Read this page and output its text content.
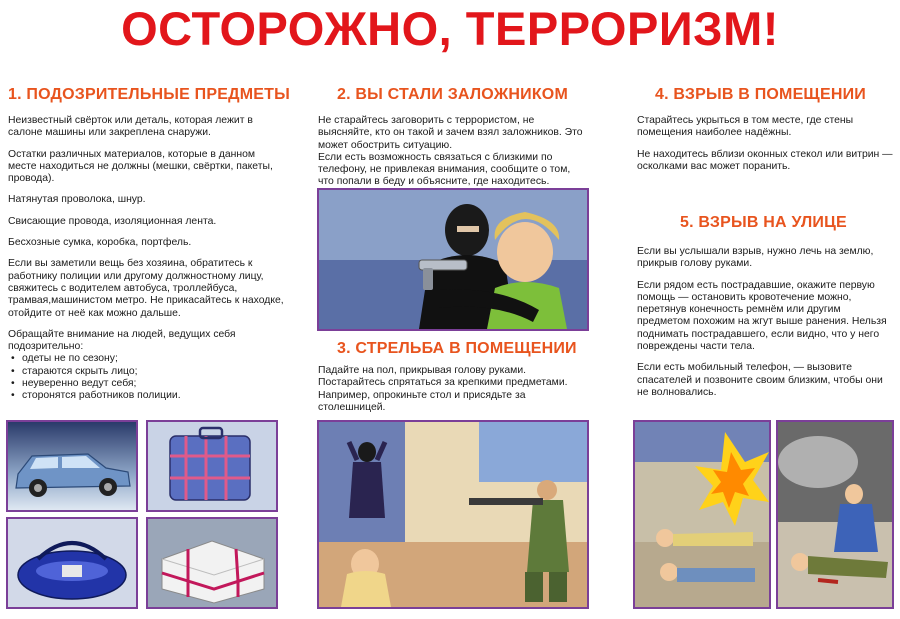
ОСТОРОЖНО, ТЕРРОРИЗМ!
1. ПОДОЗРИТЕЛЬНЫЕ ПРЕДМЕТЫ

Неизвестный свёрток или деталь, которая лежит в салоне машины или закреплена снаружи.

Остатки различных материалов, которые в данном месте находиться не должны (мешки, свёртки, пакеты, провода).

Натянутая проволока, шнур.

Свисающие провода, изоляционная лента.

Бесхозные сумка, коробка, портфель.

Если вы заметили вещь без хозяина, обратитесь к работнику полиции или другому должностному лицу, свяжитесь с водителем автобуса, троллейбуса, трамвая,машинистом метро. Не прикасайтесь к находке, отойдите от неё как можно дальше.

Обращайте внимание на людей, ведущих себя подозрительно:

• одеты не по сезону;
• стараются скрыть лицо;
• неуверенно ведут себя;
• сторонятся работников полиции.
2. ВЫ СТАЛИ ЗАЛОЖНИКОМ

Не старайтесь заговорить с террористом, не выясняйте, кто он такой и зачем взял заложников. Это может обострить ситуацию.

Если есть возможность связаться с близкими по телефону, не привлекая внимания, сообщите о том, что попали в беду и объясните, где находитесь.

3. СТРЕЛЬБА В ПОМЕЩЕНИИ

Падайте на пол, прикрывая голову руками. Постарайтесь спрятаться за крепкими предметами. Например, опрокиньте стол и присядьте за столешницей.

4. ВЗРЫВ В ПОМЕЩЕНИИ

Старайтесь укрыться в том месте, где стены помещения наиболее надёжны.

Не находитесь вблизи оконных стекол или витрин — осколками вас может поранить.

5. ВЗРЫВ НА УЛИЦЕ

Если вы услышали взрыв, нужно лечь на землю, прикрыв голову руками.

Если рядом есть пострадавшие, окажите первую помощь — остановить кровотечение можно, перетянув конечность ремнём или другим предметом похожим на жгут выше ранения. Нельзя поднимать пострадавшего, если видно, что у него повреждены части тела.

Если есть мобильный телефон, — вызовите спасателей и позвоните своим близким, чтобы они не волновались.
